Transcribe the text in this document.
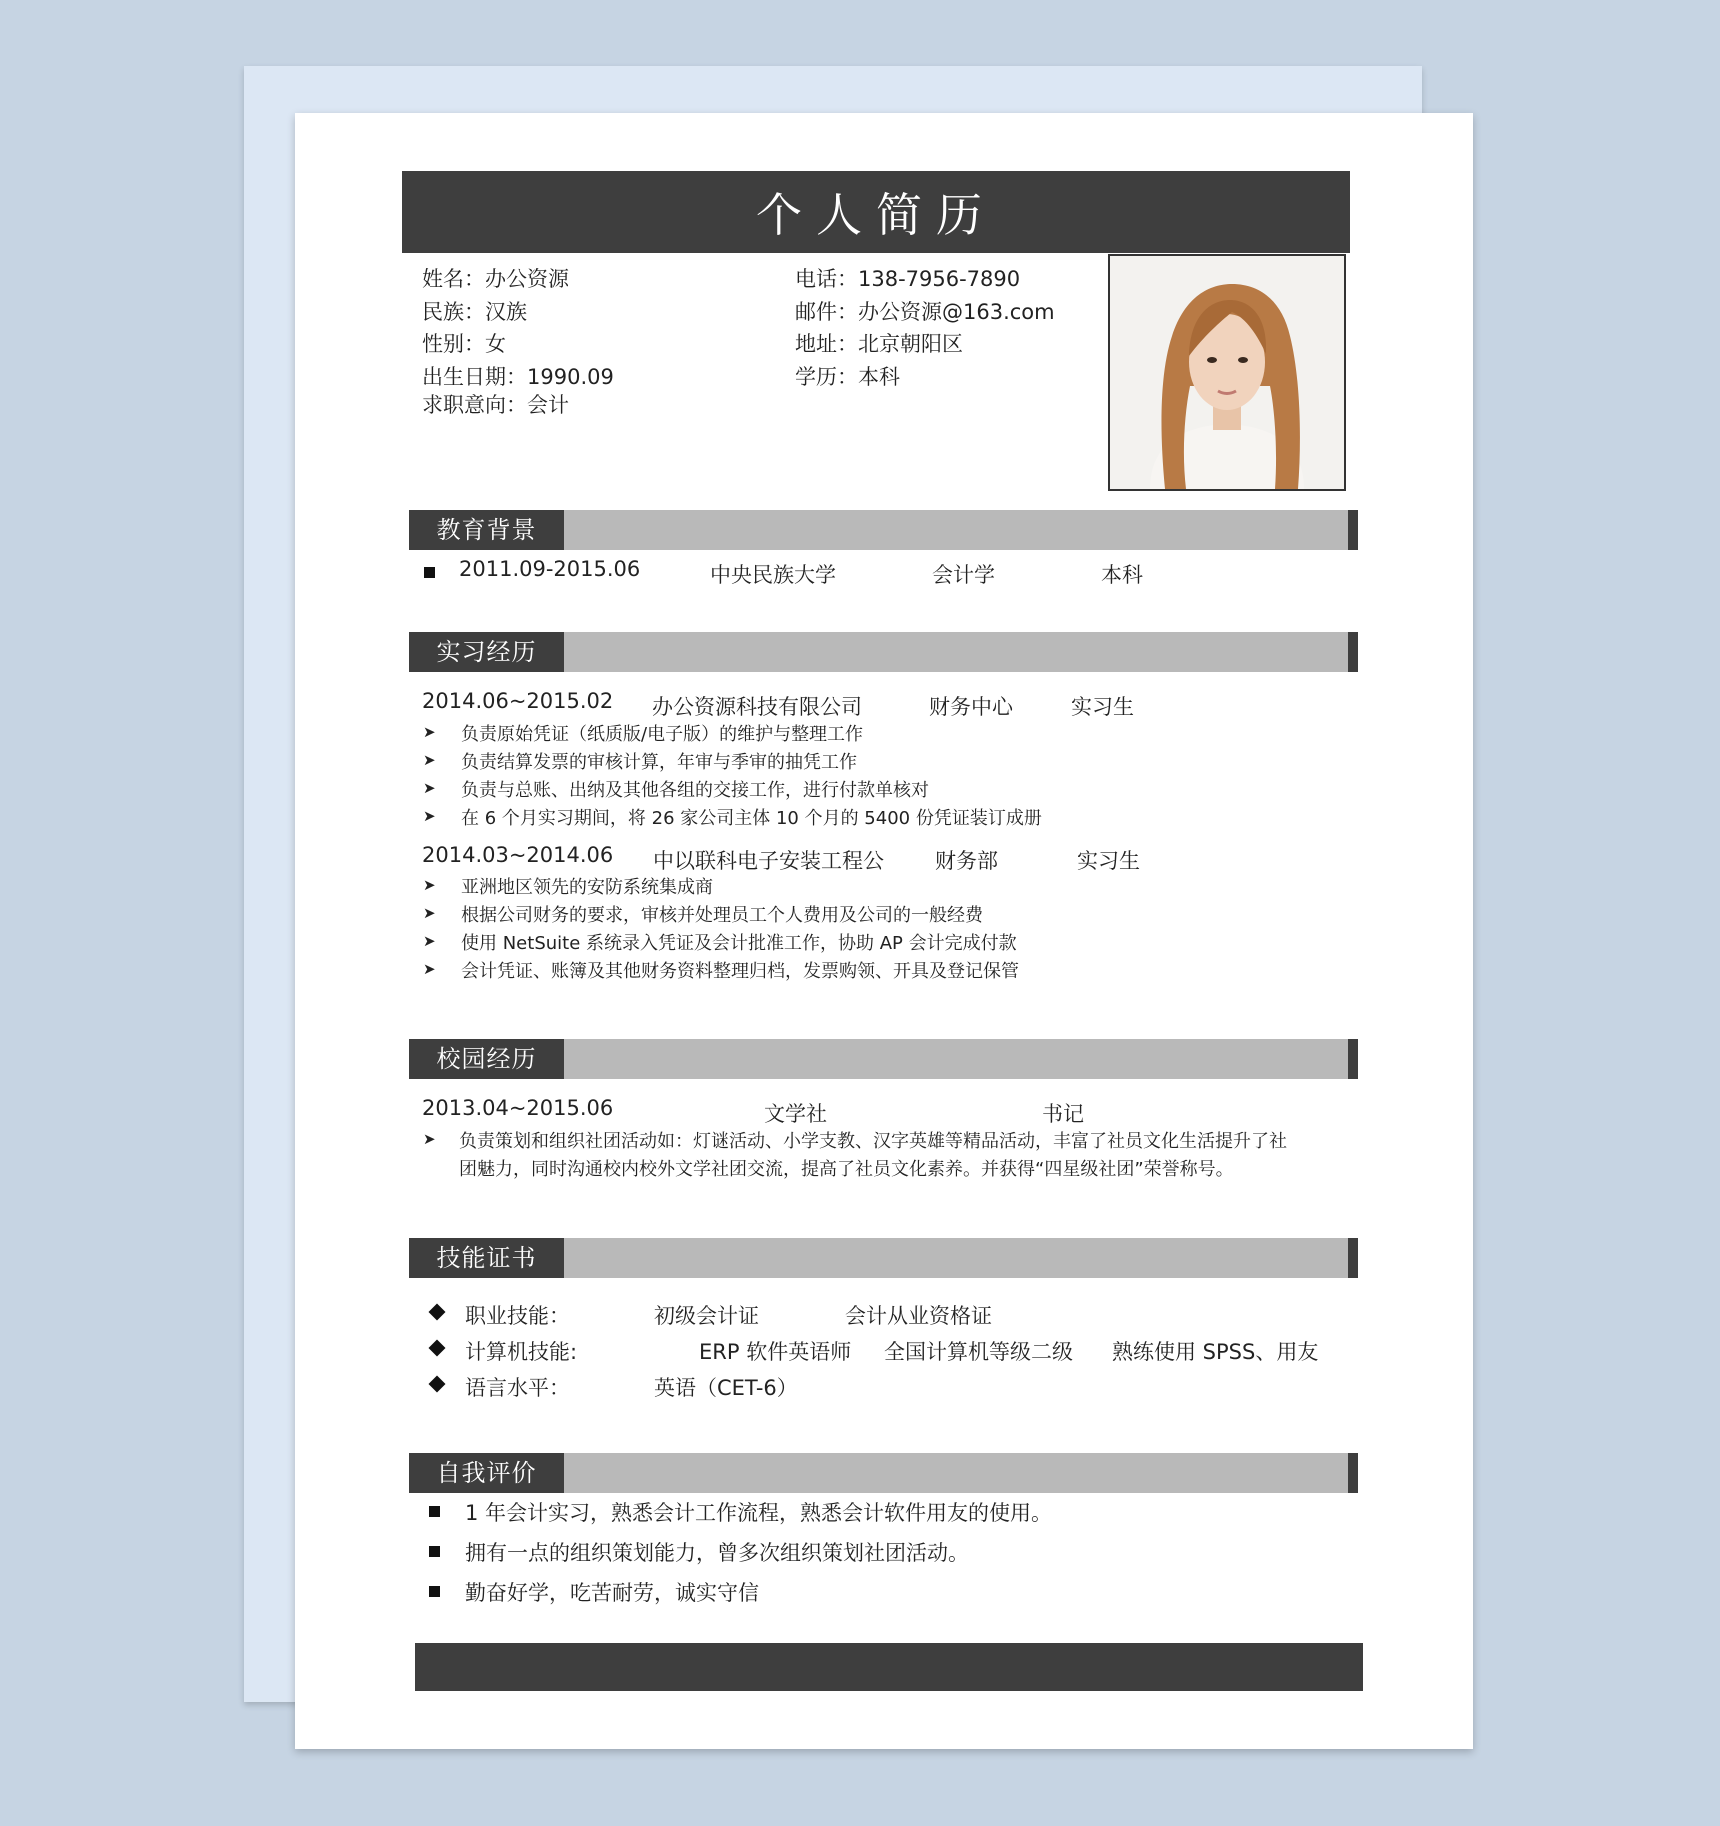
个人简历
姓名：办公资源
民族：汉族
性别：女
出生日期：1990.09
求职意向：会计
电话：138-7956-7890
邮件：办公资源@163.com
地址：北京朝阳区
学历：本科
教育背景
2011.09-2015.06	中央民族大学	会计学	本科
实习经历
2014.06~2015.02 办公资源科技有限公司	财务中心	实习生
➤ 负责原始凭证（纸质版/电子版）的维护与整理工作
➤ 负责结算发票的审核计算，年审与季审的抽凭工作
➤ 负责与总账、出纳及其他各组的交接工作，进行付款单核对
➤ 在 6 个月实习期间，将 26 家公司主体 10 个月的 5400 份凭证装订成册
2014.03~2014.06 中以联科电子安装工程公 财务部	实习生
➤ 亚洲地区领先的安防系统集成商
➤ 根据公司财务的要求，审核并处理员工个人费用及公司的一般经费
➤ 使用 NetSuite 系统录入凭证及会计批准工作，协助 AP 会计完成付款
➤ 会计凭证、账簿及其他财务资料整理归档，发票购领、开具及登记保管
校园经历
2013.04~2015.06	文学社	书记
➤ 负责策划和组织社团活动如：灯谜活动、小学支教、汉字英雄等精品活动，丰富了社员文化生活提升了社
团魅力，同时沟通校内校外文学社团交流，提高了社员文化素养。并获得“四星级社团”荣誉称号。
技能证书
职业技能：	初级会计证	会计从业资格证
计算机技能:	ERP 软件英语师 全国计算机等级二级 熟练使用 SPSS、用友
语言水平：	英语（CET-6）
自我评价
1 年会计实习，熟悉会计工作流程，熟悉会计软件用友的使用。
拥有一点的组织策划能力，曾多次组织策划社团活动。
勤奋好学，吃苦耐劳，诚实守信
